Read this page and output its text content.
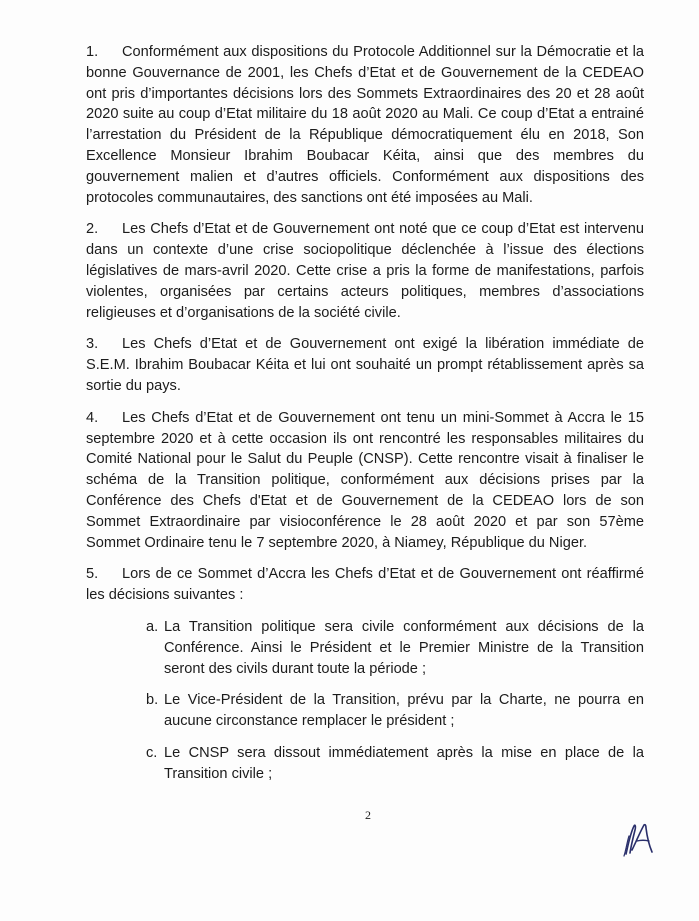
1. Conformément aux dispositions du Protocole Additionnel sur la Démocratie et la bonne Gouvernance de 2001, les Chefs d’Etat et de Gouvernement de la CEDEAO ont pris d’importantes décisions lors des Sommets Extraordinaires des 20 et 28 août 2020 suite au coup d’Etat militaire du 18 août 2020 au Mali. Ce coup d’Etat a entrainé l’arrestation du Président de la République démocratiquement élu en 2018, Son Excellence Monsieur Ibrahim Boubacar Kéita, ainsi que des membres du gouvernement malien et d’autres officiels. Conformément aux dispositions des protocoles communautaires, des sanctions ont été imposées au Mali.

2. Les Chefs d’Etat et de Gouvernement ont noté que ce coup d’Etat est intervenu dans un contexte d’une crise sociopolitique déclenchée à l’issue des élections législatives de mars-avril 2020. Cette crise a pris la forme de manifestations, parfois violentes, organisées par certains acteurs politiques, membres d’associations religieuses et d’organisations de la société civile.

3. Les Chefs d’Etat et de Gouvernement ont exigé la libération immédiate de S.E.M. Ibrahim Boubacar Kéita et lui ont souhaité un prompt rétablissement après sa sortie du pays.

4. Les Chefs d’Etat et de Gouvernement ont tenu un mini-Sommet à Accra le 15 septembre 2020 et à cette occasion ils ont rencontré les responsables militaires du Comité National pour le Salut du Peuple (CNSP). Cette rencontre visait à finaliser le schéma de la Transition politique, conformément aux décisions prises par la Conférence des Chefs d'Etat et de Gouvernement de la CEDEAO lors de son Sommet Extraordinaire par visioconférence le 28 août 2020 et par son 57ème Sommet Ordinaire tenu le 7 septembre 2020, à Niamey, République du Niger.

5. Lors de ce Sommet d’Accra les Chefs d’Etat et de Gouvernement ont réaffirmé les décisions suivantes :

a. La Transition politique sera civile conformément aux décisions de la Conférence. Ainsi le Président et le Premier Ministre de la Transition seront des civils durant toute la période ;
b. Le Vice-Président de la Transition, prévu par la Charte, ne pourra en aucune circonstance remplacer le président ;
c. Le CNSP sera dissout immédiatement après la mise en place de la Transition civile ;
2
